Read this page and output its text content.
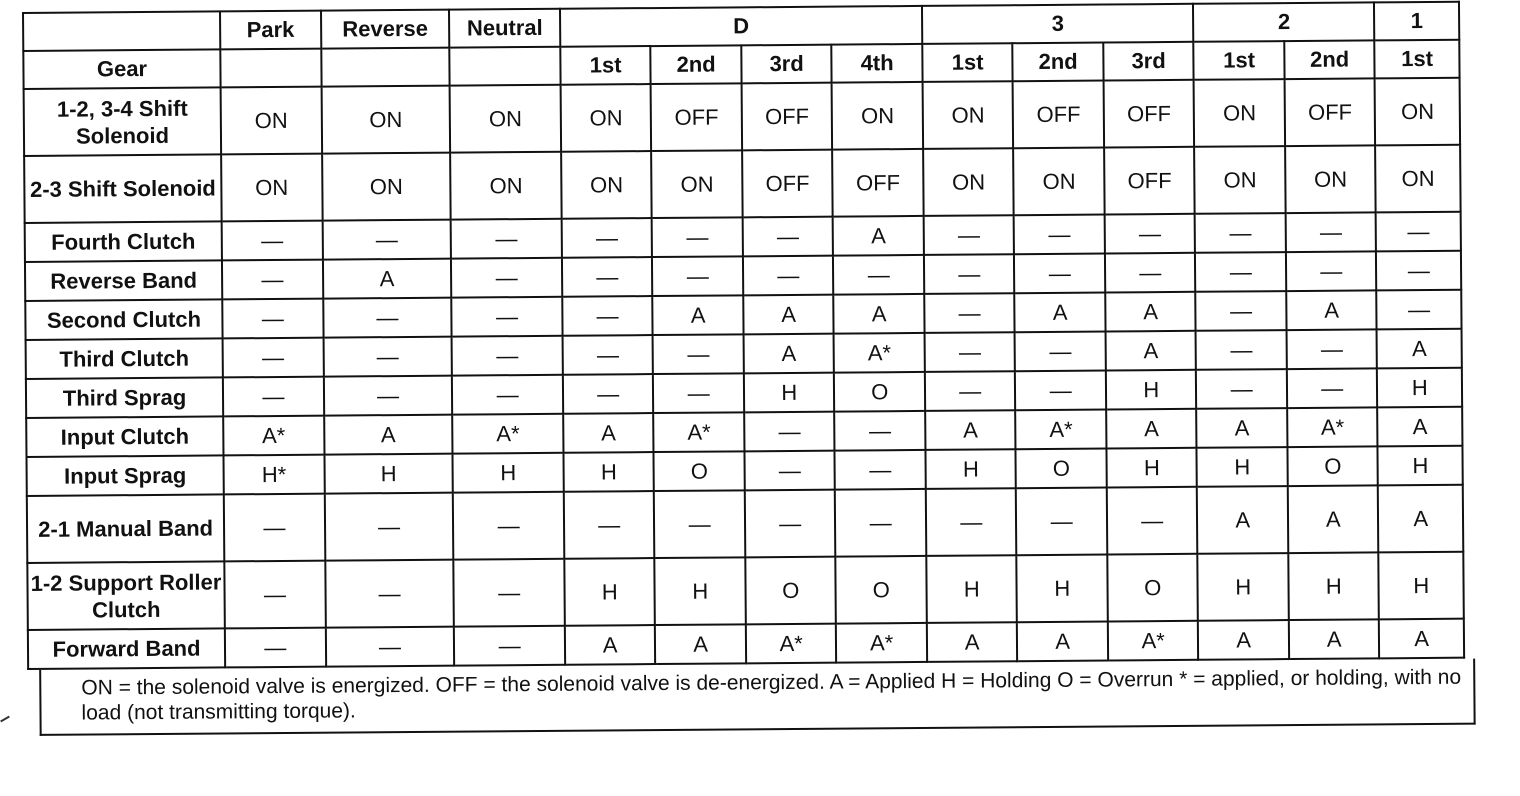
	Park	Reverse	Neutral	D				3			2		1
Gear				1st	2nd	3rd	4th	1st	2nd	3rd	1st	2nd	1st
1-2, 3-4 Shift Solenoid	ON	ON	ON	ON	OFF	OFF	ON	ON	OFF	OFF	ON	OFF	ON
2-3 Shift Solenoid	ON	ON	ON	ON	ON	OFF	OFF	ON	ON	OFF	ON	ON	ON
Fourth Clutch	—	—	—	—	—	—	A	—	—	—	—	—	—
Reverse Band	—	A	—	—	—	—	—	—	—	—	—	—	—
Second Clutch	—	—	—	—	A	A	A	—	A	A	—	A	—
Third Clutch	—	—	—	—	—	A	A*	—	—	A	—	—	A
Third Sprag	—	—	—	—	—	H	O	—	—	H	—	—	H
Input Clutch	A*	A	A*	A	A*	—	—	A	A*	A	A	A*	A
Input Sprag	H*	H	H	H	O	—	—	H	O	H	H	O	H
2-1 Manual Band	—	—	—	—	—	—	—	—	—	—	A	A	A
1-2 Support Roller Clutch	—	—	—	H	H	O	O	H	H	O	H	H	H
Forward Band	—	—	—	A	A	A*	A*	A	A	A*	A	A	A
ON = the solenoid valve is energized. OFF = the solenoid valve is de-energized. A = Applied H = Holding O = Overrun * = applied, or holding, with no load (not transmitting torque).
